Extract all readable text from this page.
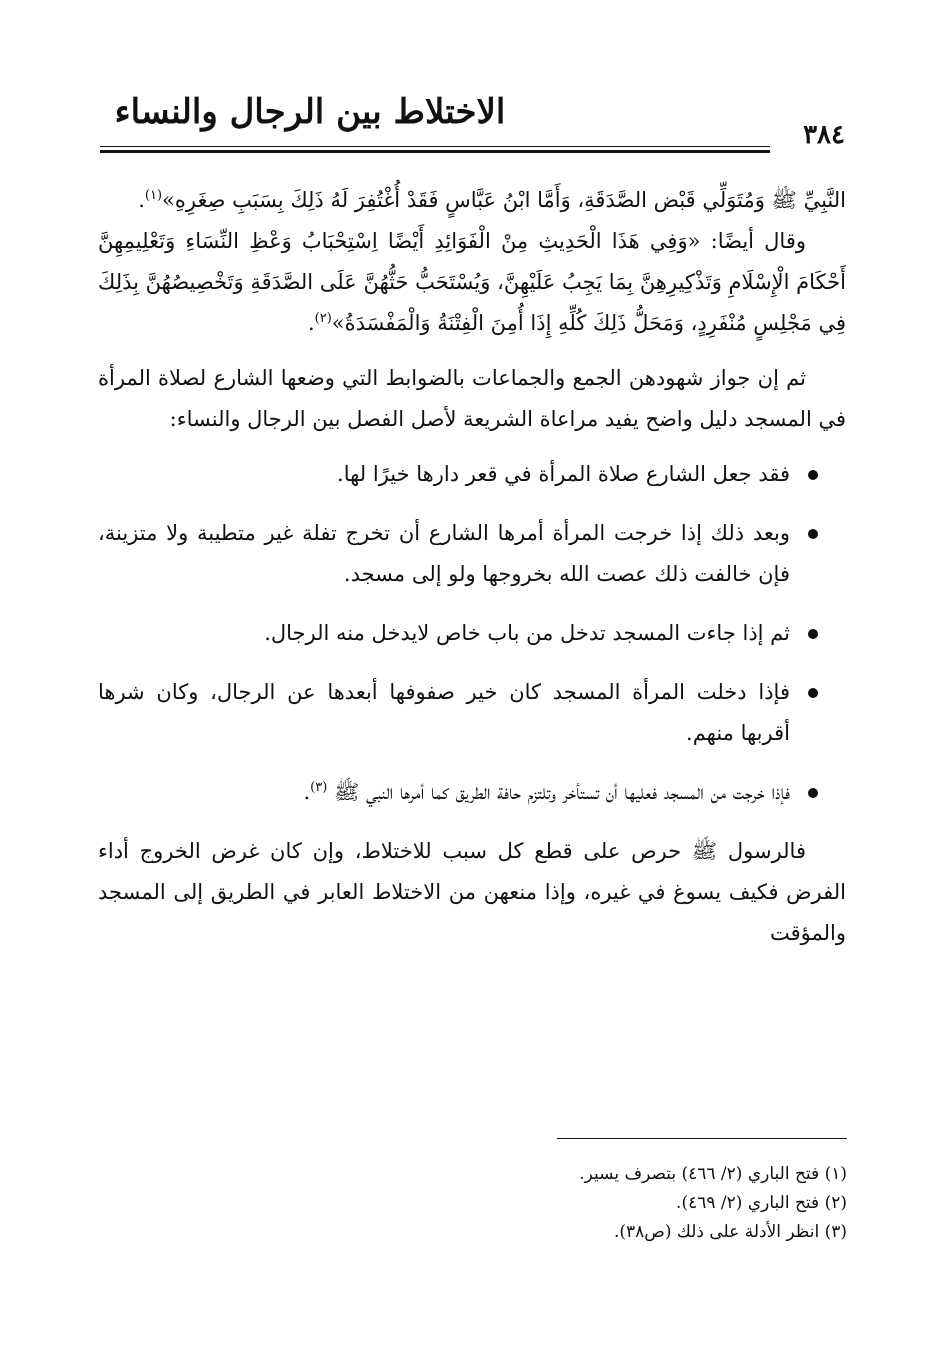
الاختلاط بين الرجال والنساء
٣٨٤

النَّبِيِّ ﷺ وَمُتَوَلِّي قَبْض الصَّدَقَةِ، وَأَمَّا ابْنُ عَبَّاسٍ فَقَدْ أُغْتُفِرَ لَهُ ذَلِكَ بِسَبَبِ صِغَرِهِ»$^{(١)}$.

وقال أيضًا: «وَفِي هَذَا الْحَدِيثِ مِنْ الْفَوَائِدِ أَيْضًا اِسْتِحْبَابُ وَعْظِ النِّسَاءِ وَتَعْلِيمِهِنَّ أَحْكَامَ الْإِسْلَامِ وَتَذْكِيرِهِنَّ بِمَا يَجِبُ عَلَيْهِنَّ، وَيُسْتَحَبُّ حَثُّهُنَّ عَلَى الصَّدَقَةِ وَتَخْصِيصُهُنَّ بِذَلِكَ فِي مَجْلِسٍ مُنْفَرِدٍ، وَمَحَلُّ ذَلِكَ كُلِّهِ إِذَا أُمِنَ الْفِتْنَةُ وَالْمَفْسَدَةُ»$^{(٢)}$.

ثم إن جواز شهودهن الجمع والجماعات بالضوابط التي وضعها الشارع لصلاة المرأة في المسجد دليل واضح يفيد مراعاة الشريعة لأصل الفصل بين الرجال والنساء:

فقد جعل الشارع صلاة المرأة في قعر دارها خيرًا لها.
وبعد ذلك إذا خرجت المرأة أمرها الشارع أن تخرج تفلة غير متطيبة ولا متزينة، فإن خالفت ذلك عصت الله بخروجها ولو إلى مسجد.
ثم إذا جاءت المسجد تدخل من باب خاص لايدخل منه الرجال.
فإذا دخلت المرأة المسجد كان خير صفوفها أبعدها عن الرجال، وكان شرها أقربها منهم.
فإذا خرجت من المسجد فعليها أن تستأخر وتلتزم حافة الطريق كما أمرها النبي ﷺ $^{(٣)}$.

فالرسول ﷺ حرص على قطع كل سبب للاختلاط، وإن كان غرض الخروج أداء الفرض فكيف يسوغ في غيره، وإذا منعهن من الاختلاط العابر في الطريق إلى المسجد والمؤقت

(١) فتح الباري (٢/ ٤٦٦) بتصرف يسير.
(٢) فتح الباري (٢/ ٤٦٩).
(٣) انظر الأدلة على ذلك (ص٣٨).
